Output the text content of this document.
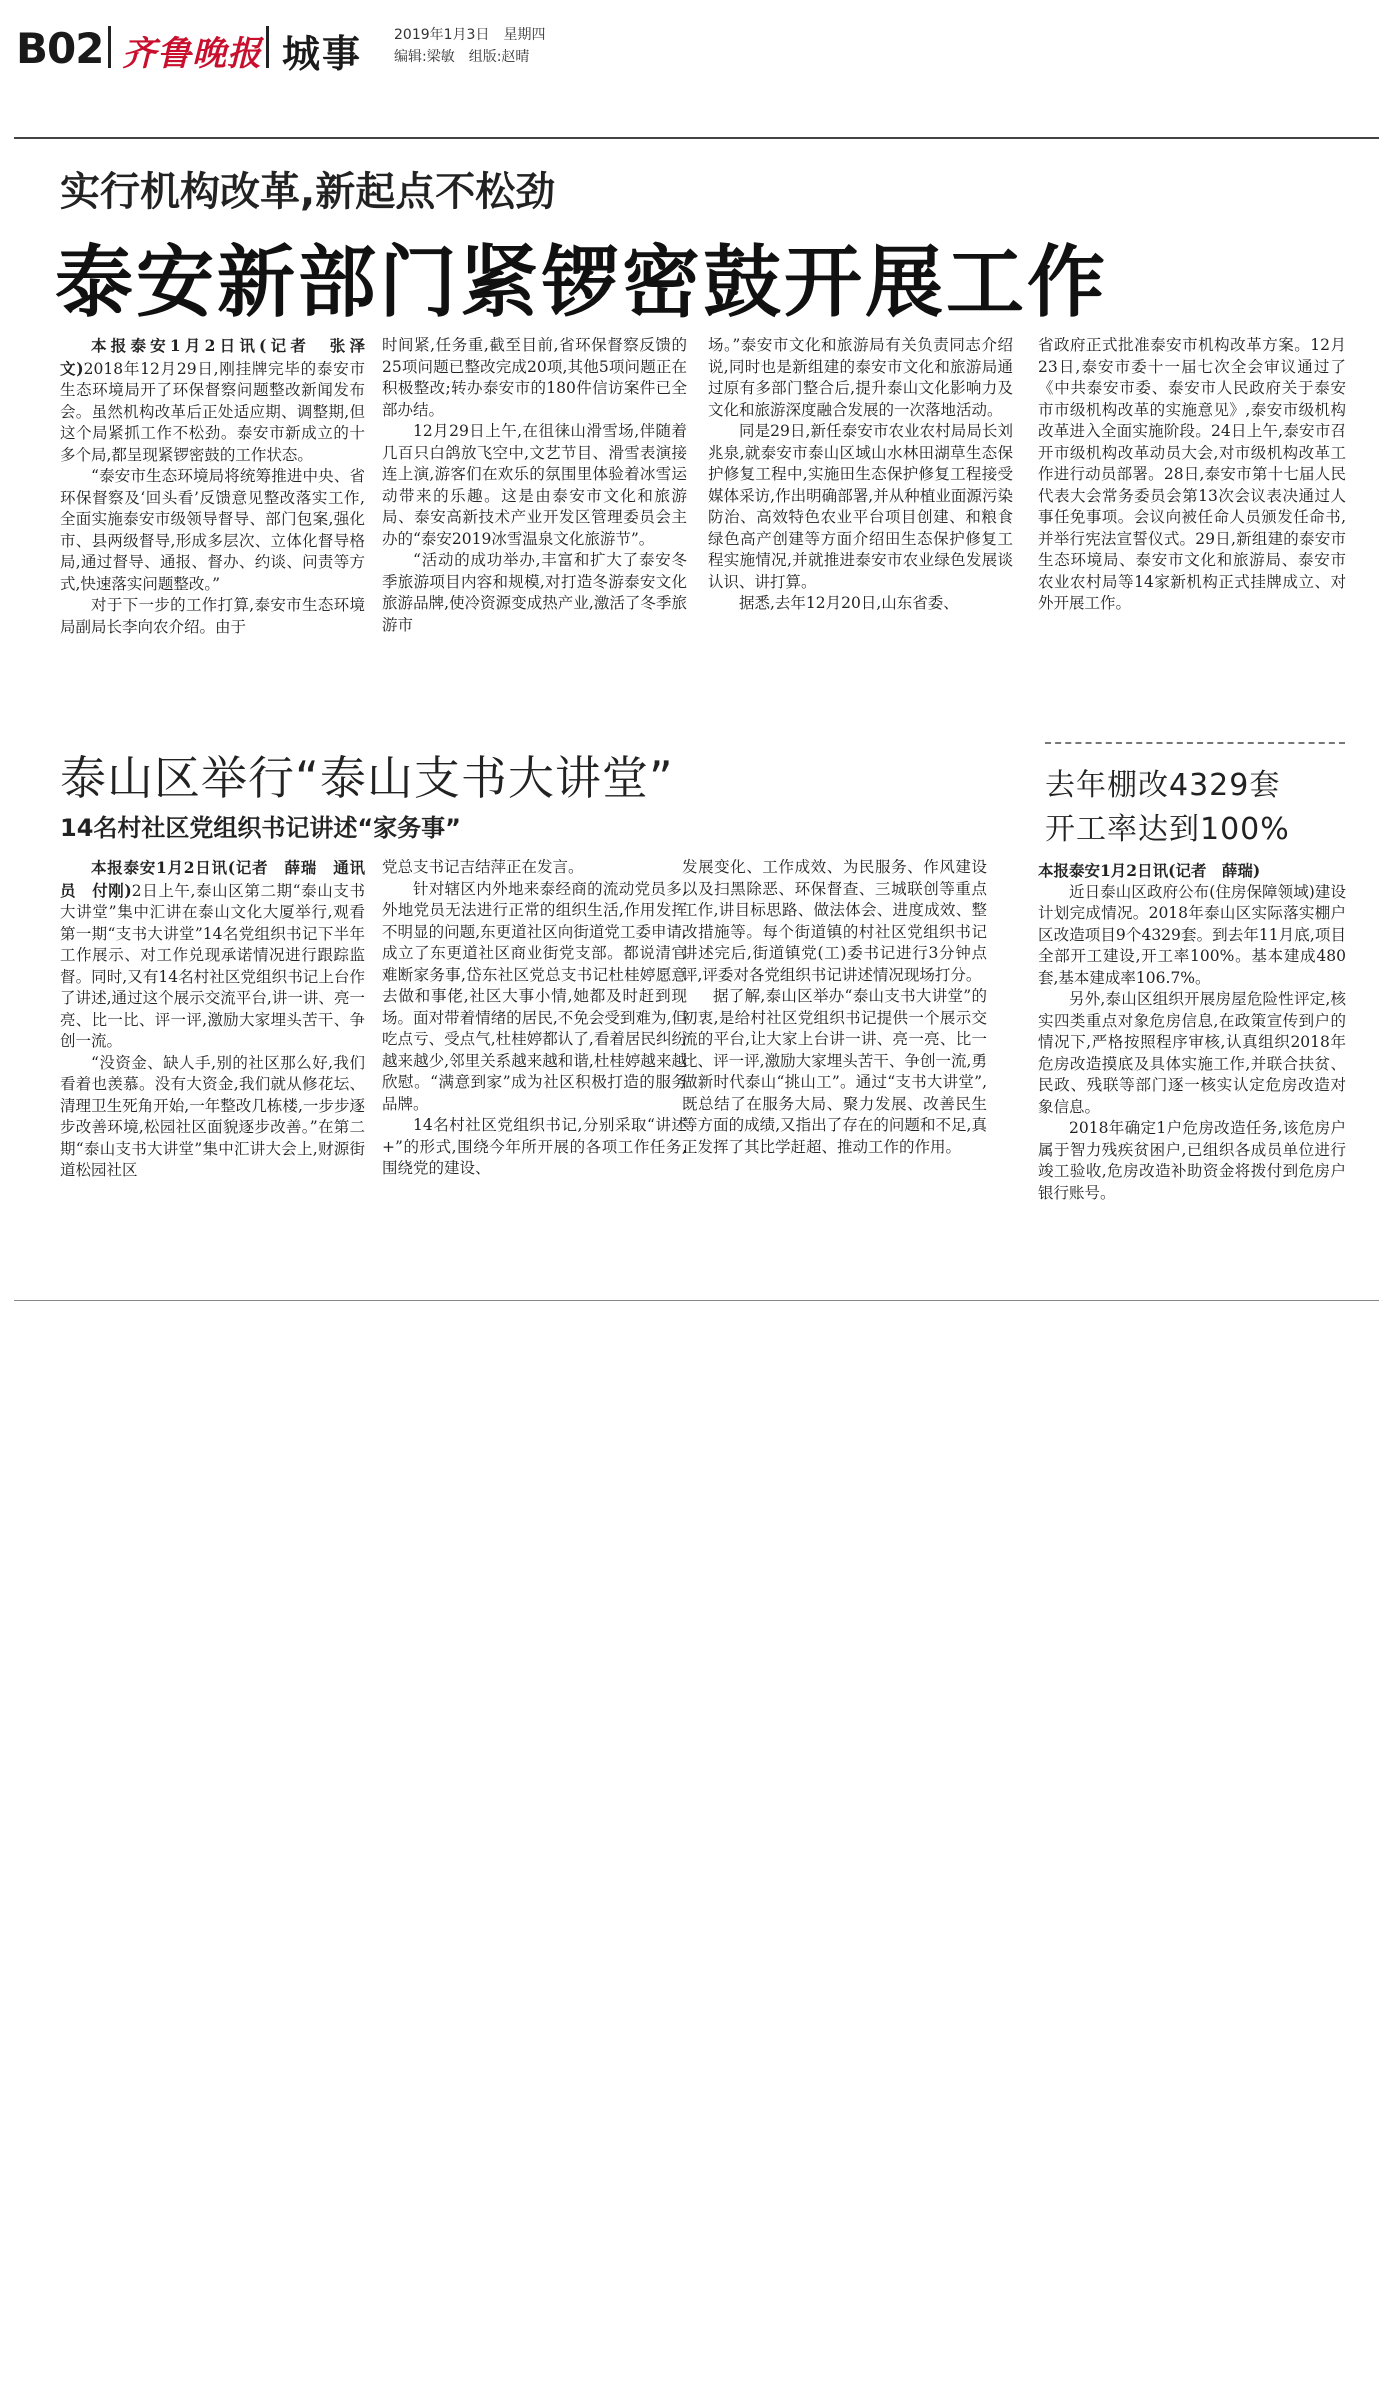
B02 齐鲁晚报 城事 2019年1月3日　星期四
编辑:梁敏　组版:赵晴
实行机构改革,新起点不松劲
泰安新部门紧锣密鼓开展工作

本报泰安1月2日讯(记者　张泽文)2018年12月29日,刚挂牌完毕的泰安市生态环境局开了环保督察问题整改新闻发布会。虽然机构改革后正处适应期、调整期,但这个局紧抓工作不松劲。泰安市新成立的十多个局,都呈现紧锣密鼓的工作状态。

“泰安市生态环境局将统筹推进中央、省环保督察及‘回头看’反馈意见整改落实工作,全面实施泰安市级领导督导、部门包案,强化市、县两级督导,形成多层次、立体化督导格局,通过督导、通报、督办、约谈、问责等方式,快速落实问题整改。”

对于下一步的工作打算,泰安市生态环境局副局长李向农介绍。由于

时间紧,任务重,截至目前,省环保督察反馈的25项问题已整改完成20项,其他5项问题正在积极整改;转办泰安市的180件信访案件已全部办结。

12月29日上午,在徂徕山滑雪场,伴随着几百只白鸽放飞空中,文艺节目、滑雪表演接连上演,游客们在欢乐的氛围里体验着冰雪运动带来的乐趣。这是由泰安市文化和旅游局、泰安高新技术产业开发区管理委员会主办的“泰安2019冰雪温泉文化旅游节”。

“活动的成功举办,丰富和扩大了泰安冬季旅游项目内容和规模,对打造冬游泰安文化旅游品牌,使冷资源变成热产业,激活了冬季旅游市

场。”泰安市文化和旅游局有关负责同志介绍说,同时也是新组建的泰安市文化和旅游局通过原有多部门整合后,提升泰山文化影响力及文化和旅游深度融合发展的一次落地活动。

同是29日,新任泰安市农业农村局局长刘兆泉,就泰安市泰山区域山水林田湖草生态保护修复工程中,实施田生态保护修复工程接受媒体采访,作出明确部署,并从种植业面源污染防治、高效特色农业平台项目创建、和粮食绿色高产创建等方面介绍田生态保护修复工程实施情况,并就推进泰安市农业绿色发展谈认识、讲打算。

据悉,去年12月20日,山东省委、

省政府正式批准泰安市机构改革方案。12月23日,泰安市委十一届七次全会审议通过了《中共泰安市委、泰安市人民政府关于泰安市市级机构改革的实施意见》,泰安市级机构改革进入全面实施阶段。24日上午,泰安市召开市级机构改革动员大会,对市级机构改革工作进行动员部署。28日,泰安市第十七届人民代表大会常务委员会第13次会议表决通过人事任免事项。会议向被任命人员颁发任命书,并举行宪法宣誓仪式。29日,新组建的泰安市生态环境局、泰安市文化和旅游局、泰安市农业农村局等14家新机构正式挂牌成立、对外开展工作。

泰山区举行“泰山支书大讲堂”
14名村社区党组织书记讲述“家务事”

本报泰安1月2日讯(记者　薛瑞　通讯员　付刚)2日上午,泰山区第二期“泰山支书大讲堂”集中汇讲在泰山文化大厦举行,观看第一期“支书大讲堂”14名党组织书记下半年工作展示、对工作兑现承诺情况进行跟踪监督。同时,又有14名村社区党组织书记上台作了讲述,通过这个展示交流平台,讲一讲、亮一亮、比一比、评一评,激励大家埋头苦干、争创一流。

“没资金、缺人手,别的社区那么好,我们看着也羡慕。没有大资金,我们就从修花坛、清理卫生死角开始,一年整改几栋楼,一步步逐步改善环境,松园社区面貌逐步改善。”在第二期“泰山支书大讲堂”集中汇讲大会上,财源街道松园社区

党总支书记吉结萍正在发言。

针对辖区内外地来泰经商的流动党员多,外地党员无法进行正常的组织生活,作用发挥不明显的问题,东更道社区向街道党工委申请,成立了东更道社区商业街党支部。都说清官难断家务事,岱东社区党总支书记杜桂婷愿意去做和事佬,社区大事小情,她都及时赶到现场。面对带着情绪的居民,不免会受到难为,但吃点亏、受点气,杜桂婷都认了,看着居民纠纷越来越少,邻里关系越来越和谐,杜桂婷越来越欣慰。“满意到家”成为社区积极打造的服务品牌。

14名村社区党组织书记,分别采取“讲述+”的形式,围绕今年所开展的各项工作任务,围绕党的建设、

发展变化、工作成效、为民服务、作风建设以及扫黑除恶、环保督查、三城联创等重点工作,讲目标思路、做法体会、进度成效、整改措施等。每个街道镇的村社区党组织书记讲述完后,街道镇党(工)委书记进行3分钟点评,评委对各党组织书记讲述情况现场打分。

据了解,泰山区举办“泰山支书大讲堂”的初衷,是给村社区党组织书记提供一个展示交流的平台,让大家上台讲一讲、亮一亮、比一比、评一评,激励大家埋头苦干、争创一流,勇做新时代泰山“挑山工”。通过“支书大讲堂”,既总结了在服务大局、聚力发展、改善民生等方面的成绩,又指出了存在的问题和不足,真正发挥了其比学赶超、推动工作的作用。

去年棚改4329套
开工率达到100%

本报泰安1月2日讯(记者　薛瑞)

近日泰山区政府公布(住房保障领域)建设计划完成情况。2018年泰山区实际落实棚户区改造项目9个4329套。到去年11月底,项目全部开工建设,开工率100%。基本建成480套,基本建成率106.7%。

另外,泰山区组织开展房屋危险性评定,核实四类重点对象危房信息,在政策宣传到户的情况下,严格按照程序审核,认真组织2018年危房改造摸底及具体实施工作,并联合扶贫、民政、残联等部门逐一核实认定危房改造对象信息。

2018年确定1户危房改造任务,该危房户属于智力残疾贫困户,已组织各成员单位进行竣工验收,危房改造补助资金将拨付到危房户银行账号。
